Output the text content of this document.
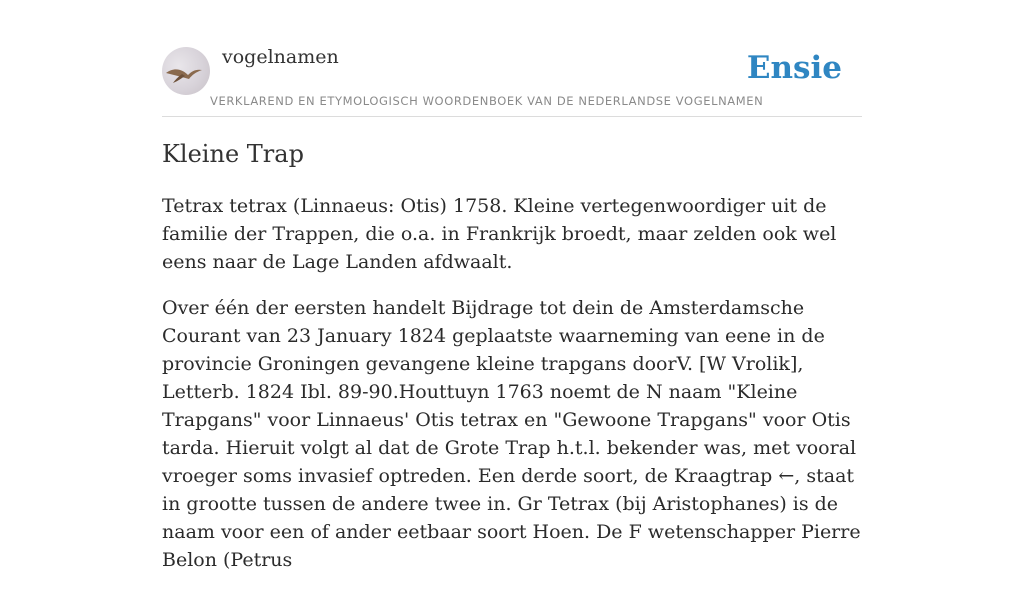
vogelnamen	Ensie
VERKLAREND EN ETYMOLOGISCH WOORDENBOEK VAN DE NEDERLANDSE VOGELNAMEN
Kleine Trap

Tetrax tetrax (Linnaeus: Otis) 1758. Kleine vertegenwoordiger uit de familie der Trappen, die o.a. in Frankrijk broedt, maar zelden ook wel eens naar de Lage Landen afdwaalt.

Over één der eersten handelt Bijdrage tot dein de Amsterdamsche Courant van 23 January 1824 geplaatste waarneming van eene in de provincie Groningen gevangene kleine trapgans doorV. [W Vrolik], Letterb. 1824 Ibl. 89-90.Houttuyn 1763 noemt de N naam "Kleine Trapgans" voor Linnaeus' Otis tetrax en "Gewoone Trapgans" voor Otis tarda. Hieruit volgt al dat de Grote Trap h.t.l. bekender was, met vooral vroeger soms invasief optreden. Een derde soort, de Kraagtrap ←, staat in grootte tussen de andere twee in. Gr Tetrax (bij Aristophanes) is de naam voor een of ander eetbaar soort Hoen. De F wetenschapper Pierre Belon (Petrus
